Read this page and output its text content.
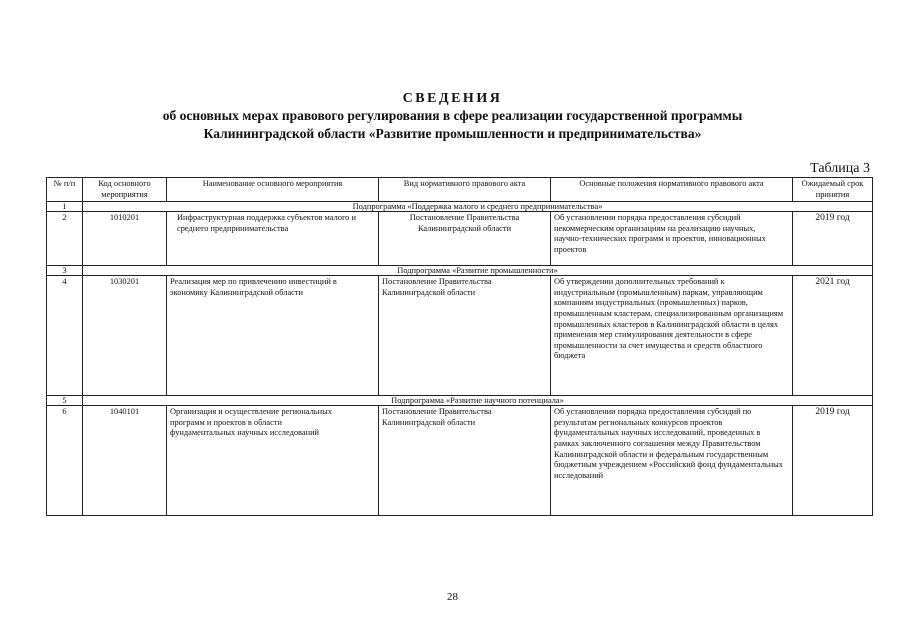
СВЕДЕНИЯ
об основных мерах правового регулирования в сфере реализации государственной программы
Калининградской области «Развитие промышленности и предпринимательства»
Таблица 3
№ п/п	Код основного мероприятия	Наименование основного мероприятия	Вид нормативного правового акта	Основные положения нормативного правового акта	Ожидаемый срок принятия
1	Подпрограмма «Поддержка малого и среднего предпринимательства»				
2	1010201	Инфраструктурная поддержка субъектов малого и среднего предпринимательства	Постановление Правительства Калининградской области	Об установлении порядка предоставления субсидий некоммерческим организациям на реализацию научных, научно-технических программ и проектов, инновационных проектов	2019 год
3	Подпрограмма «Развитие промышленности»				
4	1030201	Реализация мер по привлечению инвестиций в экономику Калининградской области	Постановление Правительства Калининградской области	Об утверждении дополнительных требований к индустриальным (промышленным) паркам, управляющим компаниям индустриальных (промышленных) парков, промышленным кластерам, специализированным организациям промышленных кластеров в Калининградской области в целях применения мер стимулирования деятельности в сфере промышленности за счет имущества и средств областного бюджета	2021 год
5	Подпрограмма «Развитие научного потенциала»				
6	1040101	Организация и осуществление региональных программ и проектов в области фундаментальных научных исследований	Постановление Правительства Калининградской области	Об установлении порядка предоставления субсидий по результатам региональных конкурсов проектов фундаментальных научных исследований, проведенных в рамках заключенного соглашения между Правительством Калининградской области и федеральным государственным бюджетным учреждением «Российский фонд фундаментальных исследований	2019 год
28
